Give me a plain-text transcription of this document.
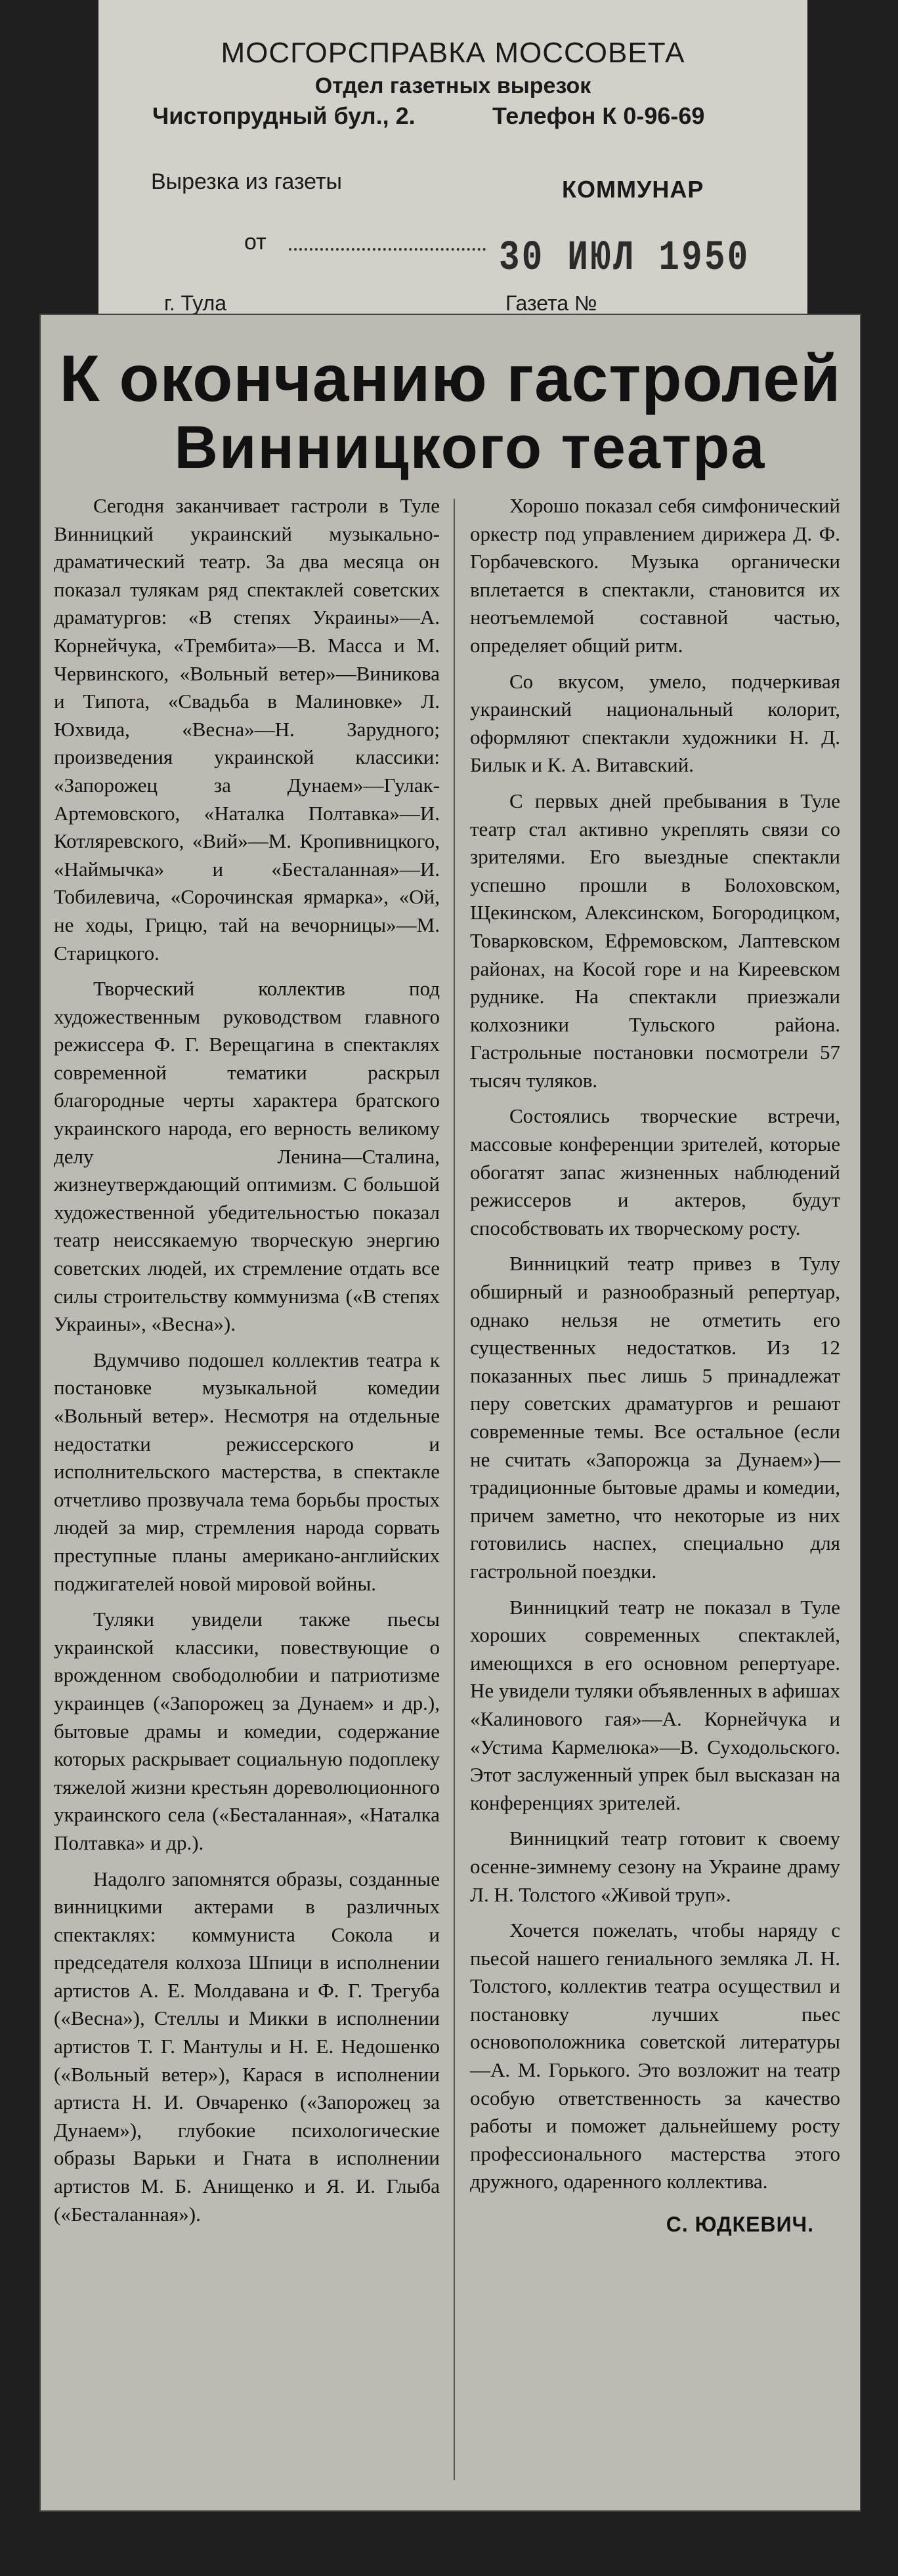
МОСГОРСПРАВКА МОССОВЕТА
Отдел газетных вырезок
Чистопрудный бул., 2.	Телефон К 0-96-69
Вырезка из газеты	КОММУНАР
от	30 ИЮЛ 1950
г. Тула	Газета №
К окончанию гастролей
Винницкого театра

Сегодня заканчивает гастроли в Туле Винницкий украинский музыкально-драматический театр. За два месяца он показал тулякам ряд спектаклей советских драматургов: «В степях Украины»—А. Корнейчука, «Трембита»—В. Масса и М. Червинского, «Вольный ветер»—Виникова и Типота, «Свадьба в Малиновке» Л. Юхвида, «Весна»—Н. Зарудного; произведения украинской классики: «Запорожец за Дунаем»—Гулак-Артемовского, «Наталка Полтавка»—И. Котляревского, «Вий»—М. Кропивницкого, «Наймычка» и «Бесталанная»—И. Тобилевича, «Сорочинская ярмарка», «Ой, не ходы, Грицю, тай на вечорницы»—М. Старицкого.

Творческий коллектив под художественным руководством главного режиссера Ф. Г. Верещагина в спектаклях современной тематики раскрыл благородные черты характера братского украинского народа, его верность великому делу Ленина—Сталина, жизнеутверждающий оптимизм. С большой художественной убедительностью показал театр неиссякаемую творческую энергию советских людей, их стремление отдать все силы строительству коммунизма («В степях Украины», «Весна»).

Вдумчиво подошел коллектив театра к постановке музыкальной комедии «Вольный ветер». Несмотря на отдельные недостатки режиссерского и исполнительского мастерства, в спектакле отчетливо прозвучала тема борьбы простых людей за мир, стремления народа сорвать преступные планы американо-английских поджигателей новой мировой войны.

Туляки увидели также пьесы украинской классики, повествующие о врожденном свободолюбии и патриотизме украинцев («Запорожец за Дунаем» и др.), бытовые драмы и комедии, содержание которых раскрывает социальную подоплеку тяжелой жизни крестьян дореволюционного украинского села («Бесталанная», «Наталка Полтавка» и др.).

Надолго запомнятся образы, созданные винницкими актерами в различных спектаклях: коммуниста Сокола и председателя колхоза Шпици в исполнении артистов А. Е. Молдавана и Ф. Г. Трегуба («Весна»), Стеллы и Микки в исполнении артистов Т. Г. Мантулы и Н. Е. Недошенко («Вольный ветер»), Карася в исполнении артиста Н. И. Овчаренко («Запорожец за Дунаем»), глубокие психологические образы Варьки и Гната в исполнении артистов М. Б. Анищенко и Я. И. Глыба («Бесталанная»).

Хорошо показал себя симфонический оркестр под управлением дирижера Д. Ф. Горбачевского. Музыка органически вплетается в спектакли, становится их неотъемлемой составной частью, определяет общий ритм.

Со вкусом, умело, подчеркивая украинский национальный колорит, оформляют спектакли художники Н. Д. Билык и К. А. Витавский.

С первых дней пребывания в Туле театр стал активно укреплять связи со зрителями. Его выездные спектакли успешно прошли в Болоховском, Щекинском, Алексинском, Богородицком, Товарковском, Ефремовском, Лаптевском районах, на Косой горе и на Киреевском руднике. На спектакли приезжали колхозники Тульского района. Гастрольные постановки посмотрели 57 тысяч туляков.

Состоялись творческие встречи, массовые конференции зрителей, которые обогатят запас жизненных наблюдений режиссеров и актеров, будут способствовать их творческому росту.

Винницкий театр привез в Тулу обширный и разнообразный репертуар, однако нельзя не отметить его существенных недостатков. Из 12 показанных пьес лишь 5 принадлежат перу советских драматургов и решают современные темы. Все остальное (если не считать «Запорожца за Дунаем»)—традиционные бытовые драмы и комедии, причем заметно, что некоторые из них готовились наспех, специально для гастрольной поездки.

Винницкий театр не показал в Туле хороших современных спектаклей, имеющихся в его основном репертуаре. Не увидели туляки объявленных в афишах «Калинового гая»—А. Корнейчука и «Устима Кармелюка»—В. Суходольского. Этот заслуженный упрек был высказан на конференциях зрителей.

Винницкий театр готовит к своему осенне-зимнему сезону на Украине драму Л. Н. Толстого «Живой труп».

Хочется пожелать, чтобы наряду с пьесой нашего гениального земляка Л. Н. Толстого, коллектив театра осуществил и постановку лучших пьес основоположника советской литературы—А. М. Горького. Это возложит на театр особую ответственность за качество работы и поможет дальнейшему росту профессионального мастерства этого дружного, одаренного коллектива.

С. ЮДКЕВИЧ.
